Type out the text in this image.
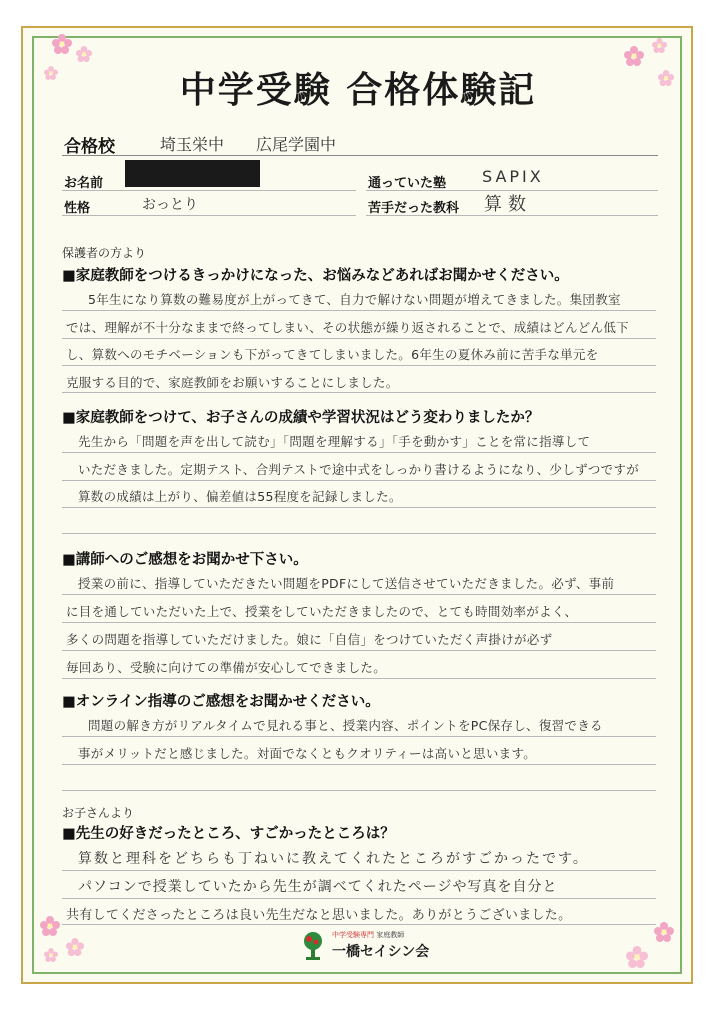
中学受験 合格体験記
合格校	埼玉栄中　　広尾学園中
お名前
性格	おっとり
通っていた塾 SAPIX
苦手だった教科 算数
保護者の方より
■家庭教師をつけるきっかけになった、お悩みなどあればお聞かせください。
5年生になり算数の難易度が上がってきて、自力で解けない問題が増えてきました。集団教室
では、理解が不十分なままで終ってしまい、その状態が繰り返されることで、成績はどんどん低下
し、算数へのモチベーションも下がってきてしまいました。6年生の夏休み前に苦手な単元を
克服する目的で、家庭教師をお願いすることにしました。
■家庭教師をつけて、お子さんの成績や学習状況はどう変わりましたか？
先生から「問題を声を出して読む」「問題を理解する」「手を動かす」ことを常に指導して
いただきました。定期テスト、合判テストで途中式をしっかり書けるようになり、少しずつですが
算数の成績は上がり、偏差値は55程度を記録しました。
■講師へのご感想をお聞かせ下さい。
授業の前に、指導していただきたい問題をPDFにして送信させていただきました。必ず、事前
に目を通していただいた上で、授業をしていただきましたので、とても時間効率がよく、
多くの問題を指導していただけました。娘に「自信」をつけていただく声掛けが必ず
毎回あり、受験に向けての準備が安心してできました。
■オンライン指導のご感想をお聞かせください。
問題の解き方がリアルタイムで見れる事と、授業内容、ポイントをPC保存し、復習できる
事がメリットだと感じました。対面でなくともクオリティーは高いと思います。
お子さんより
■先生の好きだったところ、すごかったところは？
算数と理科をどちらも丁ねいに教えてくれたところがすごかったです。
パソコンで授業していたから先生が調べてくれたページや写真を自分と
共有してくださったところは良い先生だなと思いました。ありがとうございました。
中学受験専門 家庭教師
一橋セイシン会
